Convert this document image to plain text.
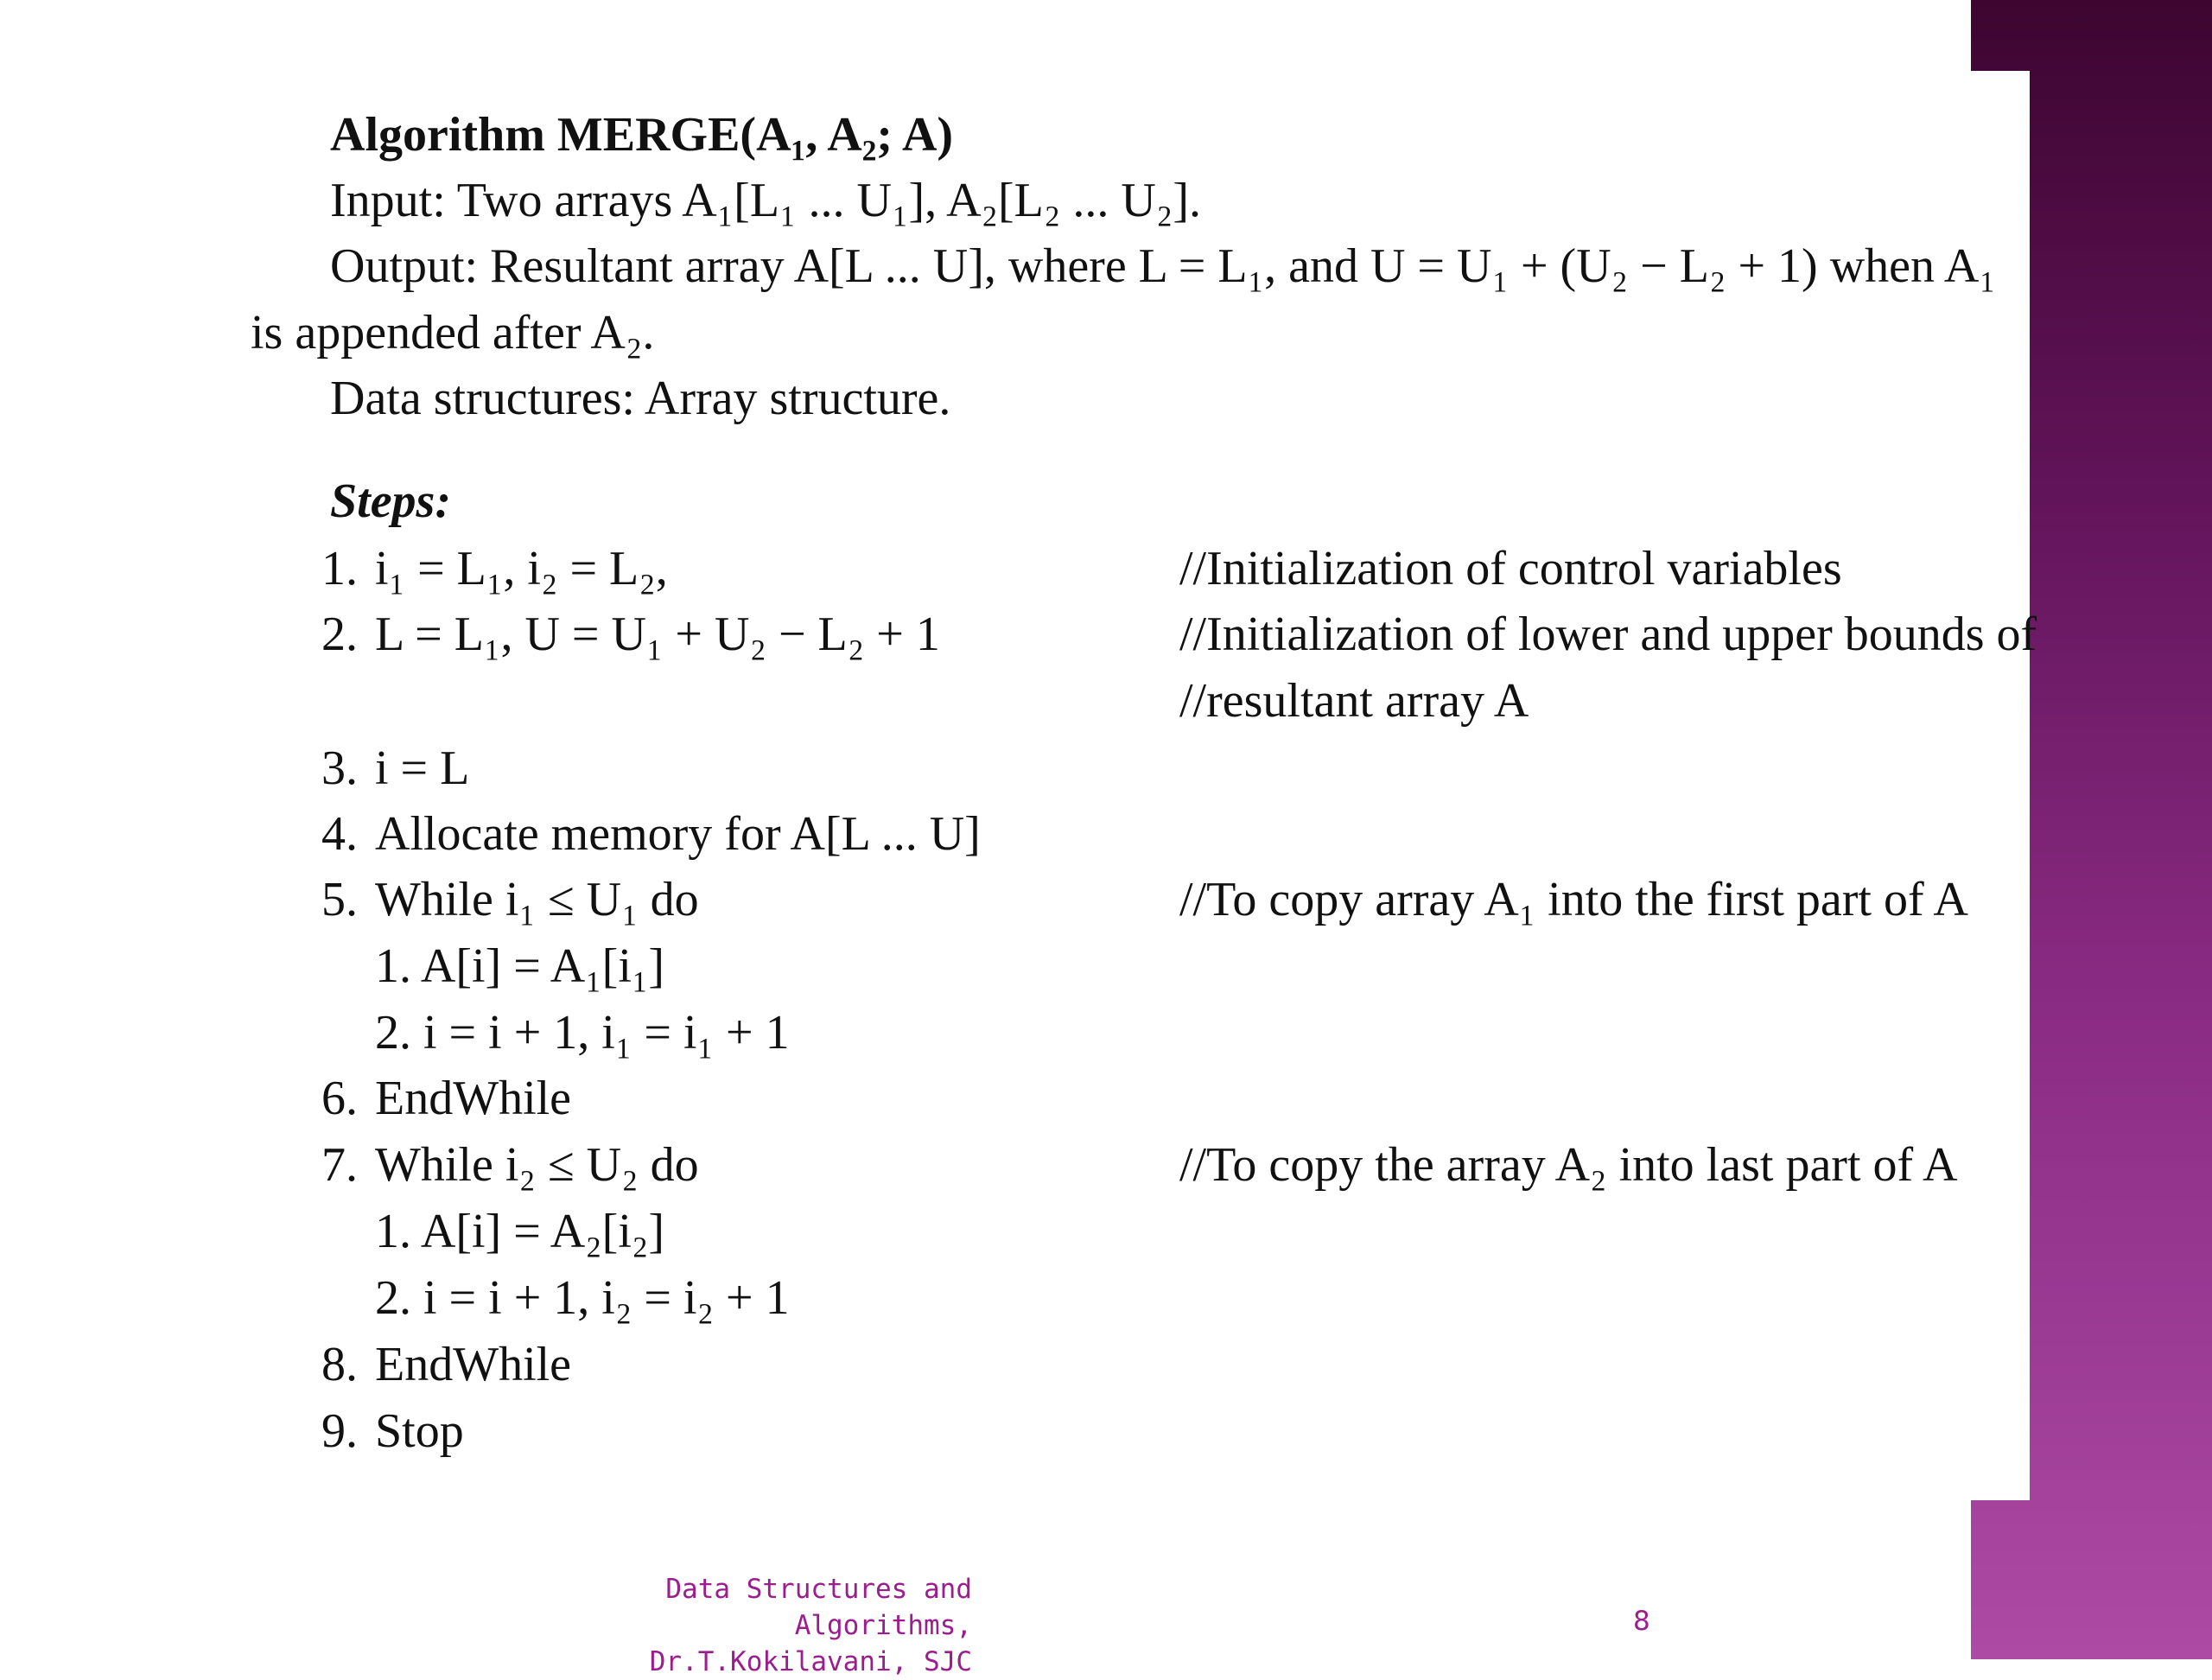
Algorithm MERGE(A₁, A₂; A)
Input: Two arrays A₁[L₁ ... U₁], A₂[L₂ ... U₂].
Output: Resultant array A[L ... U], where L = L₁, and U = U₁ + (U₂ − L₂ + 1) when A₁
is appended after A₂.
Data structures: Array structure.
Steps:
1. i₁ = L₁, i₂ = L₂,
2. L = L₁, U = U₁ + U₂ − L₂ + 1
3. i = L
4. Allocate memory for A[L ... U]
5. While i₁ ≤ U₁ do
1. A[i] = A₁[i₁]
2. i = i + 1, i₁ = i₁ + 1
6. EndWhile
7. While i₂ ≤ U₂ do
1. A[i] = A₂[i₂]
2. i = i + 1, i₂ = i₂ + 1
8. EndWhile
9. Stop
//Initialization of control variables
//Initialization of lower and upper bounds of
//resultant array A
//To copy array A₁ into the first part of A
//To copy the array A₂ into last part of A
Data Structures and Algorithms,
Dr.T.Kokilavani, SJC
8
